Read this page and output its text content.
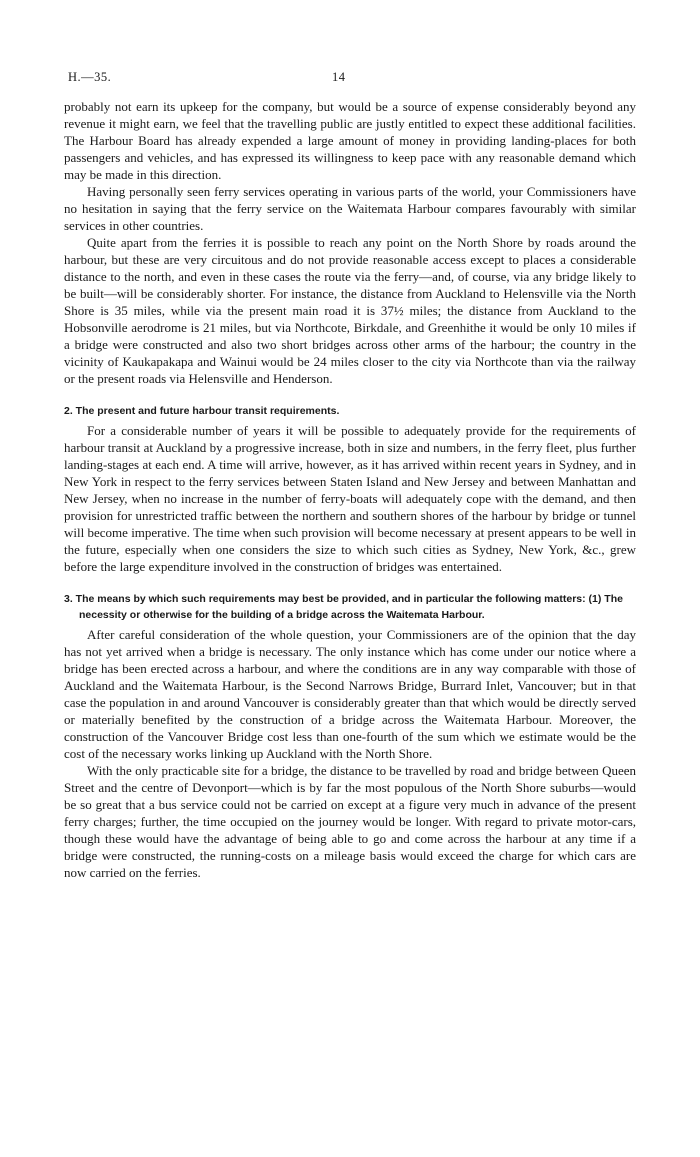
H.—35.	14

probably not earn its upkeep for the company, but would be a source of expense considerably beyond any revenue it might earn, we feel that the travelling public are justly entitled to expect these additional facilities. The Harbour Board has already expended a large amount of money in providing landing-places for both passengers and vehicles, and has expressed its willingness to keep pace with any reasonable demand which may be made in this direction.

Having personally seen ferry services operating in various parts of the world, your Commissioners have no hesitation in saying that the ferry service on the Waitemata Harbour compares favourably with similar services in other countries.

Quite apart from the ferries it is possible to reach any point on the North Shore by roads around the harbour, but these are very circuitous and do not provide reasonable access except to places a considerable distance to the north, and even in these cases the route via the ferry—and, of course, via any bridge likely to be built—will be considerably shorter. For instance, the distance from Auckland to Helensville via the North Shore is 35 miles, while via the present main road it is 37½ miles; the distance from Auckland to the Hobsonville aerodrome is 21 miles, but via Northcote, Birkdale, and Greenhithe it would be only 10 miles if a bridge were constructed and also two short bridges across other arms of the harbour; the country in the vicinity of Kaukapakapa and Wainui would be 24 miles closer to the city via Northcote than via the railway or the present roads via Helensville and Henderson.

2. The present and future harbour transit requirements.

For a considerable number of years it will be possible to adequately provide for the requirements of harbour transit at Auckland by a progressive increase, both in size and numbers, in the ferry fleet, plus further landing-stages at each end. A time will arrive, however, as it has arrived within recent years in Sydney, and in New York in respect to the ferry services between Staten Island and New Jersey and between Manhattan and New Jersey, when no increase in the number of ferry-boats will adequately cope with the demand, and then provision for unrestricted traffic between the northern and southern shores of the harbour by bridge or tunnel will become imperative. The time when such provision will become necessary at present appears to be well in the future, especially when one considers the size to which such cities as Sydney, New York, &c., grew before the large expenditure involved in the construction of bridges was entertained.

3. The means by which such requirements may best be provided, and in particular the following matters: (1) The necessity or otherwise for the building of a bridge across the Waitemata Harbour.

After careful consideration of the whole question, your Commissioners are of the opinion that the day has not yet arrived when a bridge is necessary. The only instance which has come under our notice where a bridge has been erected across a harbour, and where the conditions are in any way comparable with those of Auckland and the Waitemata Harbour, is the Second Narrows Bridge, Burrard Inlet, Vancouver; but in that case the population in and around Vancouver is considerably greater than that which would be directly served or materially benefited by the construction of a bridge across the Waitemata Harbour. Moreover, the construction of the Vancouver Bridge cost less than one-fourth of the sum which we estimate would be the cost of the necessary works linking up Auckland with the North Shore.

With the only practicable site for a bridge, the distance to be travelled by road and bridge between Queen Street and the centre of Devonport—which is by far the most populous of the North Shore suburbs—would be so great that a bus service could not be carried on except at a figure very much in advance of the present ferry charges; further, the time occupied on the journey would be longer. With regard to private motor-cars, though these would have the advantage of being able to go and come across the harbour at any time if a bridge were constructed, the running-costs on a mileage basis would exceed the charge for which cars are now carried on the ferries.
